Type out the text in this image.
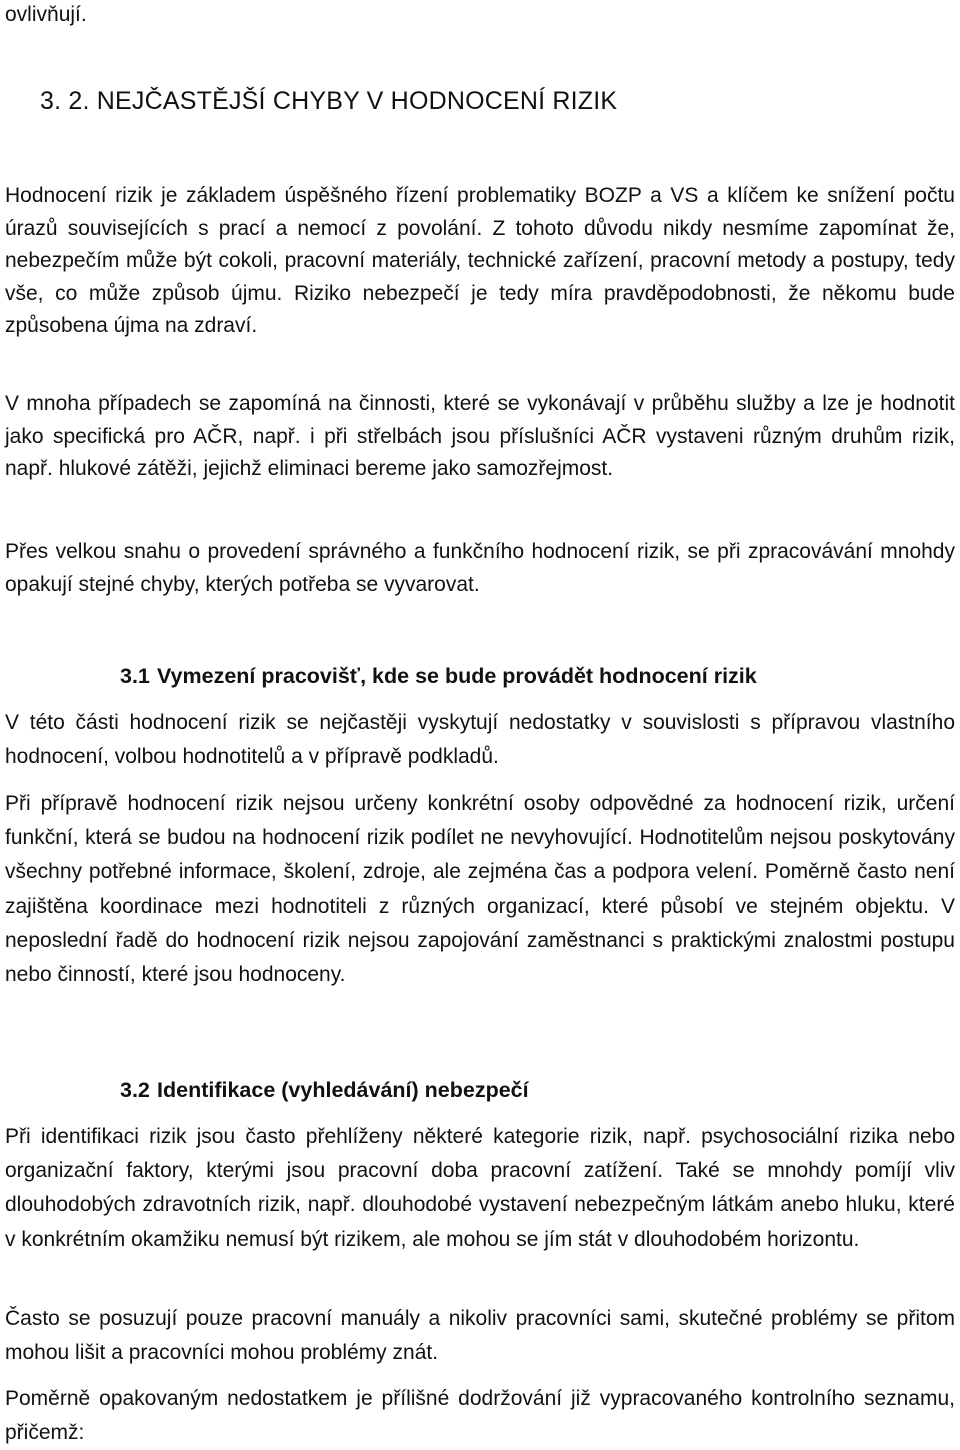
ovlivňují.

3. 2. NEJČASTĚJŠÍ CHYBY V HODNOCENÍ RIZIK

Hodnocení rizik je základem úspěšného řízení problematiky BOZP a VS a klíčem ke snížení počtu úrazů souvisejících s prací a nemocí z povolání. Z tohoto důvodu nikdy nesmíme zapomínat že, nebezpečím může být cokoli, pracovní materiály, technické zařízení, pracovní metody a postupy, tedy vše, co může způsob újmu. Riziko nebezpečí je tedy míra pravděpodobnosti, že někomu bude způsobena újma na zdraví.

V mnoha případech se zapomíná na činnosti, které se vykonávají v průběhu služby a lze je hodnotit jako specifická pro AČR, např. i při střelbách jsou příslušníci AČR vystaveni různým druhům rizik, např. hlukové zátěži, jejichž eliminaci bereme jako samozřejmost.

Přes velkou snahu o provedení správného a funkčního hodnocení rizik, se při zpracovávání mnohdy opakují stejné chyby, kterých potřeba se vyvarovat.

3.1 Vymezení pracovišť, kde se bude provádět hodnocení rizik

V této části hodnocení rizik se nejčastěji vyskytují nedostatky v souvislosti s přípravou vlastního hodnocení, volbou hodnotitelů a v přípravě podkladů.

Při přípravě hodnocení rizik nejsou určeny konkrétní osoby odpovědné za hodnocení rizik, určení funkční, která se budou na hodnocení rizik podílet ne nevyhovující. Hodnotitelům nejsou poskytovány všechny potřebné informace, školení, zdroje, ale zejména čas a podpora velení. Poměrně často není zajištěna koordinace mezi hodnotiteli z různých organizací, které působí ve stejném objektu. V neposlední řadě do hodnocení rizik nejsou zapojování zaměstnanci s praktickými znalostmi postupu nebo činností, které jsou hodnoceny.

3.2 Identifikace (vyhledávání) nebezpečí

Při identifikaci rizik jsou často přehlíženy některé kategorie rizik, např. psychosociální rizika nebo organizační faktory, kterými jsou pracovní doba pracovní zatížení. Také se mnohdy pomíjí vliv dlouhodobých zdravotních rizik, např. dlouhodobé vystavení nebezpečným látkám anebo hluku, které v konkrétním okamžiku nemusí být rizikem, ale mohou se jím stát v dlouhodobém horizontu.

Často se posuzují pouze pracovní manuály a nikoliv pracovníci sami, skutečné problémy se přitom mohou lišit a pracovníci mohou problémy znát.

Poměrně opakovaným nedostatkem je přílišné dodržování již vypracovaného kontrolního seznamu, přičemž:
